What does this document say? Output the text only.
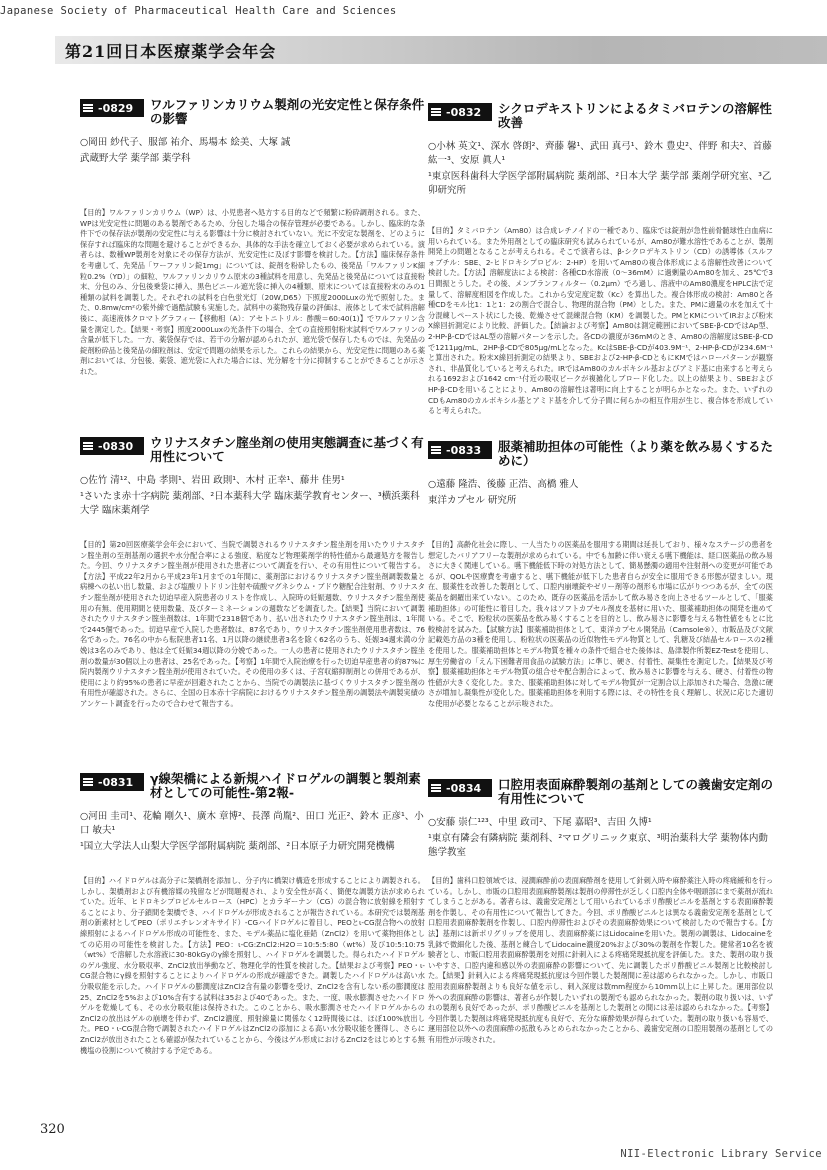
Japanese Society of Pharmaceutical Health Care and Sciences
第21回日本医療薬学会年会
-0829 ワルファリンカリウム製剤の光安定性と保存条件の影響
○岡田 紗代子、服部 祐介、馬場本 絵美、大塚 誠
武蔵野大学 薬学部 薬学科
【目的】ワルファリンカリウム（WP）は、小児患者へ処方する目的などで頻繁に粉砕調剤される。また、WPは光安定性に問題のある製剤であるため、分包した場合の保存管理が必要である。しかし、臨床的な条件下での保存法が製剤の安定性に与える影響は十分に検討されていない。光に不安定な製剤を、どのように保存すれば臨床的な問題を避けることができるか、具体的な手法を確立しておく必要が求められている。演者らは、数種WP製剤を対象にその保存方法が、光安定性に及ぼす影響を検討した。【方法】臨床保存条件を考慮して、先発品「ワーファリン錠1mg」については、錠剤を粉砕したもの、後発品「ワルファリンK細粒0.2%（YD）」の細粒、ワルファリンカリウム原末の3種試料を用意し、先発品と後発品については直接粉末、分包のみ、分包後乗袋に挿入、黒色ビニール遮光袋に挿入の4種類、原末については直接粉末のみの1種類の試料を調製した。それぞれの試料を白色蛍光灯（20W,D65）下照度2000Luxの光で照射した。また、0.8mw/cm²の紫外線で過酷試験も実施した。試料中の薬物残存量の評価は、液体として未で試料溶解後に、高速液体クロマトグラフィー【移動相（A）：アセトニトリル：酢酸＝60:40(1)】でワルファリン含量を測定した。【結果・考察】照度2000Luxの光条件下の場合、全ての直接照射粉末試料でワルファリンの含量が低下した。一方、薬袋保存では、若干の分解が認められたが、遮光袋で保存したものでは、先発品の錠剤粉砕品と後発品の細粒剤は、安定で問題の結果を示した。これらの結果から、光安定性に問題のある薬剤においては、分包後、薬袋、遮光袋に入れた場合には、光分解を十分に抑制することができることが示された。
-0832 シクロデキストリンによるタミバロテンの溶解性改善
○小林 英文¹、深水 啓朗²、齊藤 馨¹、武田 真弓¹、鈴木 豊史²、伴野 和夫²、首藤 紘一³、安原 眞人¹
¹東京医科歯科大学医学部附属病院 薬剤部、²日本大学 薬学部 薬剤学研究室、³乙卯研究所
【目的】タミバロテン（Am80）は合成レチノイドの一種であり、臨床では錠剤が急性前骨髄球性白血病に用いられている。また外用剤としての臨床研究も試みられているが、Am80が難水溶性であることが、製剤開発上の問題となることが考えられる。そこで演者らは、β-シクロデキストリン（CD）の誘導体（スルフォブチル：SBE、2-ヒドロキシプロピル：2-HP）を用いてAm80の複合体形成による溶解性改善について検討した。【方法】溶解度法による検討：各種CD水溶液（0～36mM）に過剰量のAm80を加え、25℃で3日間振とうした。その後、メンブランフィルター（0.2μm）でろ過し、溶液中のAm80濃度をHPLC法で定量して、溶解度相図を作成した。これから安定度定数（Kc）を算出した。複合体形成の検討：Am80と各種CDをモル比1：1と1：2の割合で混合し、物理的混合物（PM）とした。また、PMに適量の水を加えて十分混練しペースト状にした後、乾燥させて混練混合物（KM）を調製した。PMとKMについてIRおよび粉末X線回折測定により比較、評価した。【結論および考察】Am80は測定範囲においてSBE-β-CDではAp型、2-HP-β-CDではAL型の溶解パターンを示した。各CDの濃度が36mMのとき、Am80の溶解度はSBE-β-CDで1211μg/mL、2HP-β-CDで805μg/mLとなった。KcはSBE-β-CDが403.9M⁻¹、2-HP-β-CDが234.6M⁻¹と算出された。粉末X線回折測定の結果より、SBEおよび2-HP-β-CDともにKMではハローパターンが観察され、非晶質化していると考えられた。IRではAm80のカルボキシル基およびアミド基に由来すると考えられる1692および1642 cm⁻¹付近の吸収ピークが複雑化しブロード化した。以上の結果より、SBEおよびHP-β-CDを用いることにより、Am80の溶解性は著明に向上することが明らかとなった。また、いずれのCDもAm80のカルボキシル基とアミド基を介して分子間に何らかの相互作用が生じ、複合体を形成していると考えられた。
-0830 ウリナスタチン腟坐剤の使用実態調査に基づく有用性について
○佐竹 清¹²、中島 孝則¹、岩田 政則¹、木村 正幸¹、藤井 佳男¹
¹さいたま赤十字病院 薬剤部、²日本薬科大学 臨床薬学教育センター、³横浜薬科大学 臨床薬剤学
【目的】第20回医療薬学会年会において、当院で調製されるウリナスタチン腟坐剤を用いたウリナスタチン腟坐剤の至剤基剤の選択や水分配合率による強度、粘度など物理薬剤学的特性値から最適処方を報告した。今回、ウリナスタチン腟坐剤が使用された患者について調査を行い、その有用性について報告する。【方法】平成22年2月から平成23年1月までの1年間に、薬剤部におけるウリナスタチン腟坐剤調製数量と病棟への払い出し数量、および塩酸リトドリン注射や硫酸マグネシウム・ブドウ糖配合注射剤、ウリナスタチン腟坐剤が使用された切迫早産入院患者のリストを作成し、入院時の妊娠週数、ウリナスタチン腟坐剤使用の有無、使用期間と使用数量、及びターミネーションの週数などを調査した。【結果】当院において調製されたウリナスタチン腟坐剤数は、1年間で2318個であり、払い出されたウリナスタチン腟坐剤は、1年間で2445個であった。切迫早産で入院した患者数は、87名であり、ウリナスタチン腟坐剤使用患者数は、76名であった。76名の中から転院患者11名、1月以降の継続患者3名を除く62名のうち、妊娠34週未満の分娩は3名のみであり、他は全て妊娠34週以降の分娩であった。一人の患者に使用されたウリナスタチン腟坐剤の数量が30個以上の患者は、25名であった。【考察】1年間で入院治療を行った切迫早産患者の約87%に院内製剤ウリナスタチン腟坐剤が使用されていた。その使用の多くは、子宮収縮抑制剤との併用であるが、使用により約95%の患者に早産が回避されたことから、当院での調製法に基づくウリナスタチン腟坐剤の有用性が確認された。さらに、全国の日本赤十字病院におけるウリナスタチン腟坐剤の調製法や調製実績のアンケート調査を行ったので合わせて報告する。
-0833 服薬補助担体の可能性（より薬を飲み易くするために）
○遠藤 隆浩、後藤 正浩、高橋 雅人
東洋カプセル 研究所
【目的】高齢化社会に際し、一人当たりの医薬品を服用する期間は延長しており、様々なステージの患者を想定したバリアフリーな製剤が求められている。中でも加齢に伴い衰える嚥下機能は、経口医薬品の飲み易さに大きく関連している。嚥下機能低下時の対処方法として、簡易懸濁の適用や注射剤への変更が可能であるが、QOLや医療費を考慮すると、嚥下機能が低下した患者自らが安全に服用できる形態が望ましい。現在、服薬性を改善した製剤として、口腔内崩壊錠やゼリー剤等の剤形も市場に広がりつつあるが、全ての医薬品を網羅出来ていない。このため、既存の医薬品を活かして飲み易さを向上させるツールとして、「服薬補助担体」の可能性に着目した。我々はソフトカプセル剤皮を基材に用いた、服薬補助担体の開発を進めている。そこで、粉粒状の医薬品を飲み易くすることを目的とし、飲み易さに影響を与える物性値をもとに比較検討を試みた。【試験方法】服薬補助担体として、東洋カプセル開発品（Camsole®）、市販品及び文献記載処方品の3種を使用し、粉粒状の医薬品の近似物性モデル物質として、乳糖及び結晶セルロースの2種を使用した。服薬補助担体とモデル物質を種々の条件で組合せた後体は、島津製作所製EZ-Testを使用し、厚生労働省の「えん下困難者用食品の試験方法」に準じ、硬さ、付着性、凝集性を測定した。【結果及び考察】服薬補助担体とモデル物質の組合せや配合割合によって、飲み易さに影響を与える、硬さ、付着性の物性値が大きく変化した。また、服薬補助担体に対してモデル物質が一定割合以上添加された場合、急激に硬さが増加し凝集性が変化した。服薬補助担体を利用する際には、その特性を良く理解し、状況に応じた適切な使用が必要となることが示唆された。
-0831 γ線架橋による新規ハイドロゲルの調製と製剤素材としての可能性-第2報-
○河田 圭司¹、花輪 剛久¹、廣木 章博²、長澤 尚胤²、田口 光正²、鈴木 正彦¹、小口 敏夫¹
¹国立大学法人山梨大学医学部附属病院 薬剤部、²日本原子力研究開発機構
【目的】ハイドロゲルは高分子に架橋剤を添加し、分子内に橋架け構造を形成することにより調製される。しかし、架橋剤および有機溶媒の残留などが問題視され、より安全性が高く、簡便な調製方法が求められていた。近年、ヒドロキシプロピルセルロース（HPC）とカラギーナン（CG）の混合物に放射線を照射することにより、分子鎖間を架橋でき、ハイドロゲルが形成されることが報告されている。本研究では製剤基剤の新素材としてPEO（ポリエチレンオキサイド）-CGハイドロゲルに着目し、PEOとι-CG混合物への放射線照射によるハイドロゲル形成の可能性を、また、モデル薬品に塩化亜鉛（ZnCl2）を用いて薬物担体としての応用の可能性を検討した。【方法】PEO：ι-CG:ZnCl2:H2O＝10:5:5:80（wt%）及び10:5:10:75（wt%）で溶解した水溶液に30-80kGyのγ線を照射し、ハイドロゲルを調製した。得られたハイドロゲルのゲル強度、水分吸収率、ZnCl2放出挙動など、物理化学的性質を検討した。【結果および考察】PEO・ι-CG混合物にγ線を照射することによりハイドロゲルの形成が確認できた。調製したハイドロゲルは高い水分吸収能を示した。ハイドロゲルの膨潤度はZnCl2含有量の影響を受け、ZnCl2を含有しない系の膨潤度は25、ZnCl2を5%および10%含有する試料は35および40であった。また、一度、吸水膨潤させたハイドロゲルを乾燥しても、その水分吸収能は保持された。このことから、吸水膨潤させたハイドロゲルからのZnCl2の放出はゲルの崩壊を伴わず、ZnCl2濃度、照射線量に関係なく12時間後には、ほぼ100%放出した。PEO・ι-CG混合物で調製されたハイドロゲルはZnCl2の添加による高い水分吸収能を獲得し、さらにZnCl2が放出されたことも確認が保たれていることから、今後はゲル形成におけるZnCl2をはじめとする無機塩の役割について検討する予定である。
-0834 口腔用表面麻酔製剤の基剤としての義歯安定剤の有用性について
○安藤 崇仁¹²³、中里 政司²、下尾 嘉昭³、吉田 久博¹
¹東京有隣会有隣病院 薬剤科、²マログリニック東京、³明治薬科大学 薬物体内動態学教室
【目的】歯科口腔領域では、浸潤麻酔前の表面麻酔剤を使用して針刺入時や麻酔薬注入時の疼痛緩和を行っている。しかし、市販の口腔用表面麻酔製剤は製剤の停滞性が乏しく口腔内全体や咽頭部にまで薬剤が流れてしまうことがある。著者らは、義歯安定剤として用いられているポリ酢酸ビニルを基剤とする表面麻酔製剤を作製し、その有用性について報告してきた。今回、ポリ酢酸ビニルとは異なる義歯安定剤を基剤として口腔用表面麻酔製剤を作製し、口腔内停滞性およびその表面麻酔効果について検討したので報告する。【方法】基剤には新ポリグリップを使用し、表面麻酔薬にはLidocaineを用いた。製剤の調製は、Lidocaineを乳鉢で微細化した後、基剤と練合してLidocaine濃度20%および30%の製剤を作製した。健常者10名を被験者とし、市販口腔用表面麻酔製剤を対照に針刺入による疼痛発現抵抗度を評価した。また、製剤の取り扱いやすさ、口腔内違和感以外の表面麻酔の影響について、先に調製したポリ酢酸ビニル製剤と比較検討した。【結果】針刺入による疼痛発現抵抗度は今回作製した製剤間に差は認められなかった。しかし、市販口腔用表面麻酔製剤よりも良好な値を示し、刺入深度は数mm程度から10mm以上に上昇した。運用部位以外への表面麻酔の影響は、著者らが作製したいずれの製剤でも認められなかった。製剤の取り扱いは、いずれの製剤も良好であったが、ポリ酢酸ビニルを基剤とした製剤との間には差は認められなかった。【考察】今回作製した製剤は疼痛発現抵抗度も良好で、充分な麻酔効果が得られていた。製剤の取り扱いも容易で、運用部位以外への表面麻酔の拡散もみとめられなかったことから、義歯安定剤の口腔用製剤の基剤としての有用性が示唆された。
320
NII-Electronic Library Service
